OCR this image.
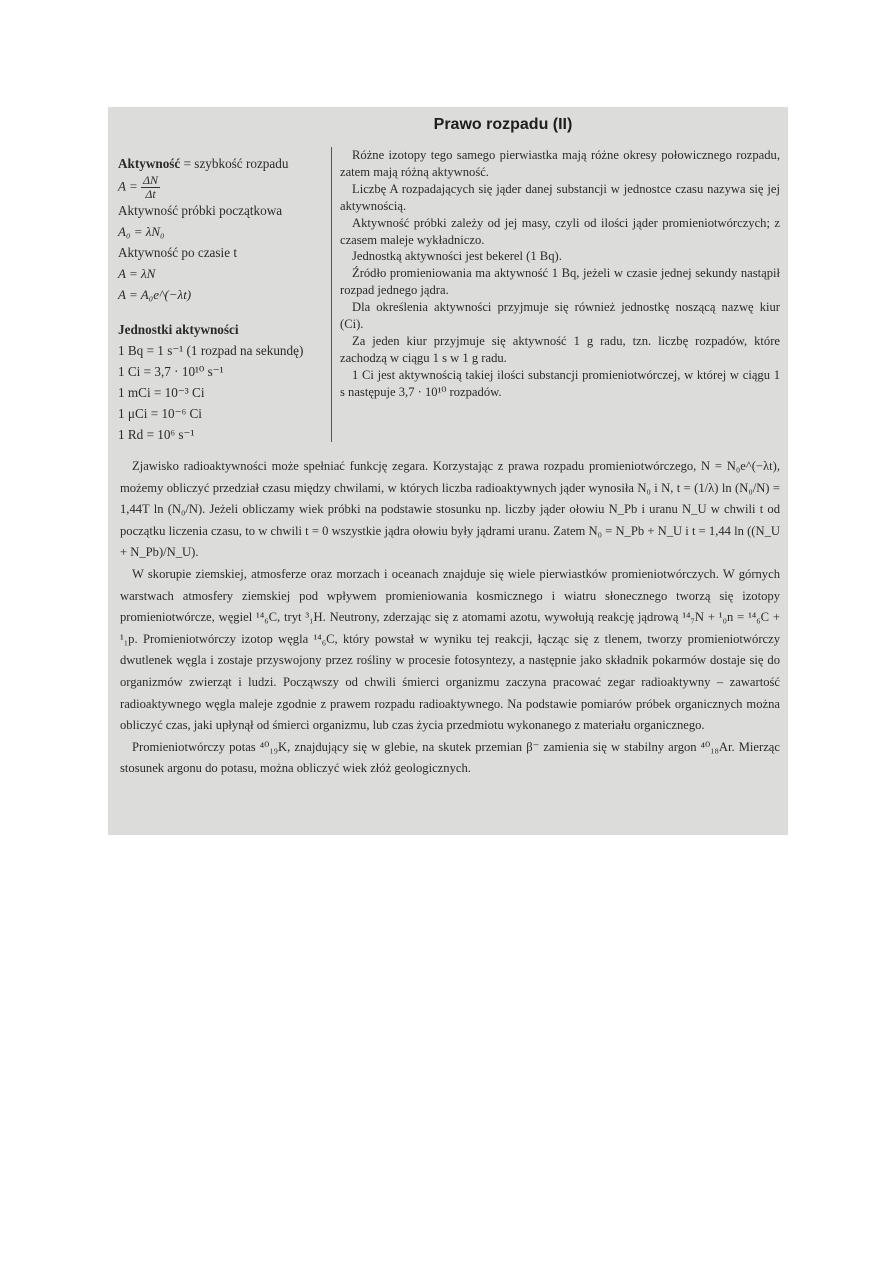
Prawo rozpadu (II)
Aktywność = szybkość rozpadu
$A = \frac{\Delta N}{\Delta t}$
Aktywność próbki początkowa
A₀ = λN₀
Aktywność po czasie t
A = λN
A = A₀e^(−λt)
Jednostki aktywności
1 Bq = 1 s⁻¹ (1 rozpad na sekundę)
1 Ci = 3,7 · 10¹⁰ s⁻¹
1 mCi = 10⁻³ Ci
1 μCi = 10⁻⁶ Ci
1 Rd = 10⁶ s⁻¹

Różne izotopy tego samego pierwiastka mają różne okresy połowicznego rozpadu, zatem mają różną aktywność.

Liczbę A rozpadających się jąder danej substancji w jednostce czasu nazywa się jej aktywnością.

Aktywność próbki zależy od jej masy, czyli od ilości jąder promieniotwórczych; z czasem maleje wykładniczo.

Jednostką aktywności jest bekerel (1 Bq).

Źródło promieniowania ma aktywność 1 Bq, jeżeli w czasie jednej sekundy nastąpił rozpad jednego jądra.

Dla określenia aktywności przyjmuje się również jednostkę noszącą nazwę kiur (Ci).

Za jeden kiur przyjmuje się aktywność 1 g radu, tzn. liczbę rozpadów, które zachodzą w ciągu 1 s w 1 g radu.

1 Ci jest aktywnością takiej ilości substancji promieniotwórczej, w której w ciągu 1 s następuje 3,7 · 10¹⁰ rozpadów.

Zjawisko radioaktywności może spełniać funkcję zegara. Korzystając z prawa rozpadu promieniotwórczego, N = N₀e^(−λt), możemy obliczyć przedział czasu między chwilami, w których liczba radioaktywnych jąder wynosiła N₀ i N, t = (1/λ) ln (N₀/N) = 1,44T ln (N₀/N). Jeżeli obliczamy wiek próbki na podstawie stosunku np. liczby jąder ołowiu N_Pb i uranu N_U w chwili t od początku liczenia czasu, to w chwili t = 0 wszystkie jądra ołowiu były jądrami uranu. Zatem N₀ = N_Pb + N_U i t = 1,44 ln ((N_U + N_Pb)/N_U).

W skorupie ziemskiej, atmosferze oraz morzach i oceanach znajduje się wiele pierwiastków promieniotwórczych. W górnych warstwach atmosfery ziemskiej pod wpływem promieniowania kosmicznego i wiatru słonecznego tworzą się izotopy promieniotwórcze, węgiel ¹⁴₆C, tryt ³₁H. Neutrony, zderzając się z atomami azotu, wywołują reakcję jądrową ¹⁴₇N + ¹₀n = ¹⁴₆C + ¹₁p. Promieniotwórczy izotop węgla ¹⁴₆C, który powstał w wyniku tej reakcji, łącząc się z tlenem, tworzy promieniotwórczy dwutlenek węgla i zostaje przyswojony przez rośliny w procesie fotosyntezy, a następnie jako składnik pokarmów dostaje się do organizmów zwierząt i ludzi. Począwszy od chwili śmierci organizmu zaczyna pracować zegar radioaktywny – zawartość radioaktywnego węgla maleje zgodnie z prawem rozpadu radioaktywnego. Na podstawie pomiarów próbek organicznych można obliczyć czas, jaki upłynął od śmierci organizmu, lub czas życia przedmiotu wykonanego z materiału organicznego.

Promieniotwórczy potas ⁴⁰₁₉K, znajdujący się w glebie, na skutek przemian β⁻ zamienia się w stabilny argon ⁴⁰₁₈Ar. Mierząc stosunek argonu do potasu, można obliczyć wiek złóż geologicznych.
